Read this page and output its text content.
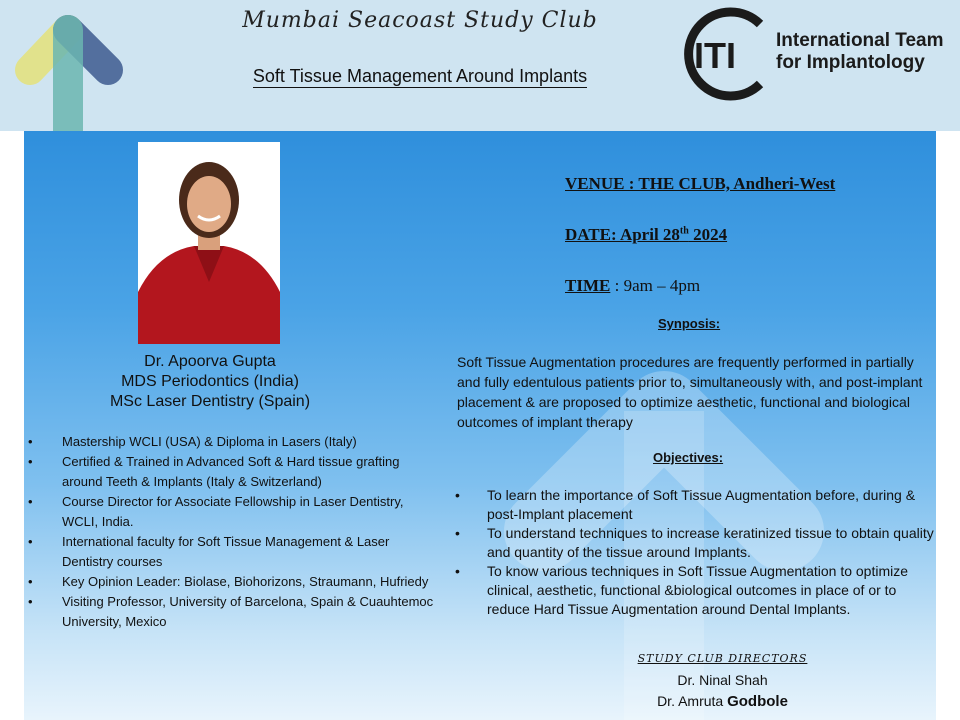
Mumbai Seacoast Study Club
Soft Tissue Management Around Implants	ITI International Team
for Implantology
Dr. Apoorva Gupta
MDS Periodontics (India)
MSc Laser Dentistry (Spain)
• Mastership WCLI (USA) & Diploma in Lasers (Italy)
• Certified & Trained in Advanced Soft & Hard tissue grafting around Teeth & Implants (Italy & Switzerland)
• Course Director for Associate Fellowship in Laser Dentistry, WCLI, India.
• International faculty for Soft Tissue Management & Laser Dentistry courses
• Key Opinion Leader: Biolase, Biohorizons, Straumann, Hufriedy
• Visiting Professor, University of Barcelona, Spain & Cuauhtemoc University, Mexico
VENUE : THE CLUB, Andheri-West
DATE: April 28th 2024
TIME : 9am – 4pm
Synposis:
Soft Tissue Augmentation procedures are frequently performed in partially and fully edentulous patients prior to, simultaneously with, and post-implant placement & are proposed to optimize aesthetic, functional and biological outcomes of implant therapy
Objectives:
• To learn the importance of Soft Tissue Augmentation before, during & post-Implant placement
• To understand techniques to increase keratinized tissue to obtain quality and quantity of the tissue around Implants.
• To know various techniques in Soft Tissue Augmentation to optimize clinical, aesthetic, functional &biological outcomes in place of or to reduce Hard Tissue Augmentation around Dental Implants.
STUDY CLUB DIRECTORS
Dr. Ninal Shah
Dr. Amruta Godbole
